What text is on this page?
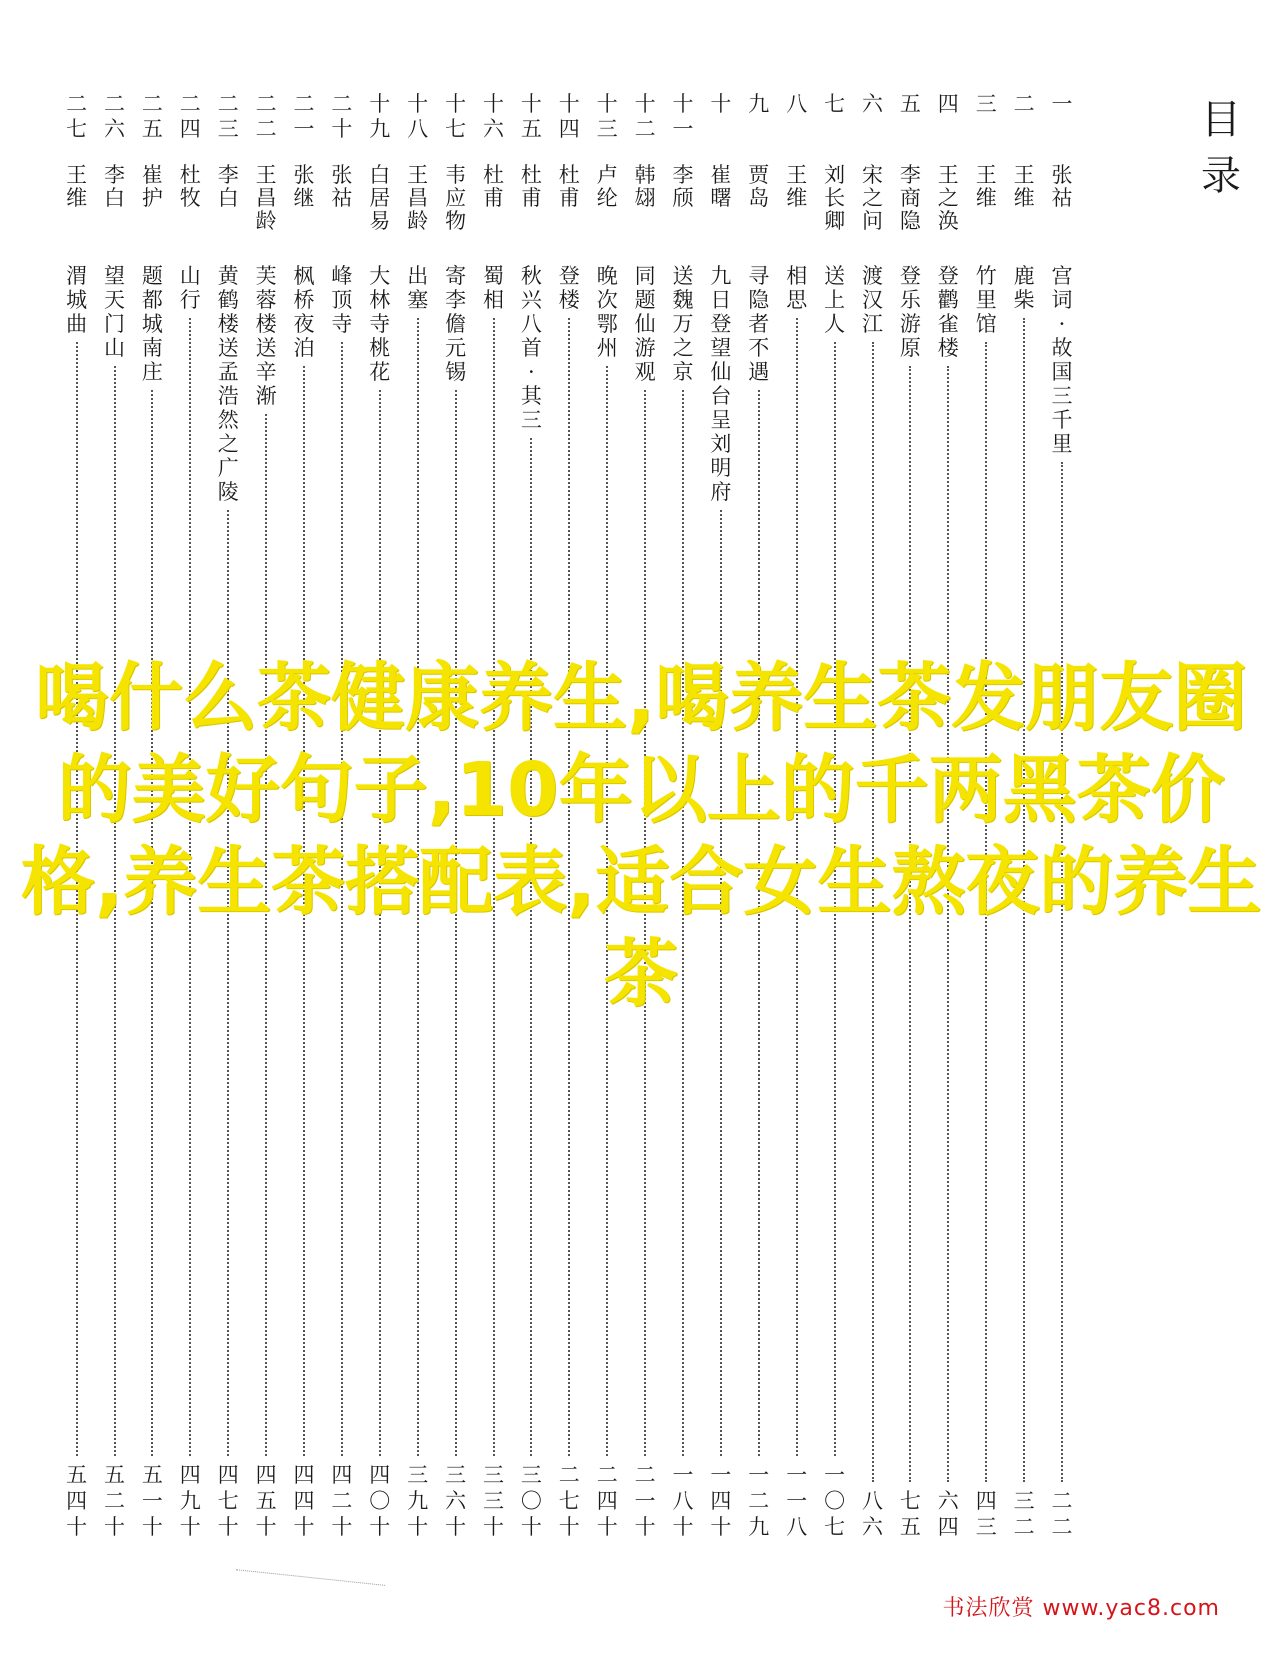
目
录
一
张
祜
宫
词
·
故
国
三
千
里
二
二
二
王
维
鹿
柴
三
二
三
王
维
竹
里
馆
四
三
四
王
之
涣
登
鹳
雀
楼
六
四
五
李
商
隐
登
乐
游
原
七
五
六
宋
之
问
渡
汉
江
八
六
七
刘
长
卿
送
上
人
一
〇
七
八
王
维
相
思
一
一
八
九
贾
岛
寻
隐
者
不
遇
一
二
九
十
崔
曙
九
日
登
望
仙
台
呈
刘
明
府
一
四
十
十
一
李
颀
送
魏
万
之
京
一
八
十
十
二
韩
翃
同
题
仙
游
观
二
一
十
十
三
卢
纶
晚
次
鄂
州
二
四
十
十
四
杜
甫
登
楼
二
七
十
十
五
杜
甫
秋
兴
八
首
·
其
三
三
〇
十
十
六
杜
甫
蜀
相
三
三
十
十
七
韦
应
物
寄
李
儋
元
锡
三
六
十
十
八
王
昌
龄
出
塞
三
九
十
十
九
白
居
易
大
林
寺
桃
花
四
〇
十
二
十
张
祜
峰
顶
寺
四
二
十
二
一
张
继
枫
桥
夜
泊
四
四
十
二
二
王
昌
龄
芙
蓉
楼
送
辛
渐
四
五
十
二
三
李
白
黄
鹤
楼
送
孟
浩
然
之
广
陵
四
七
十
二
四
杜
牧
山
行
四
九
十
二
五
崔
护
题
都
城
南
庄
五
一
十
二
六
李
白
望
天
门
山
五
二
十
二
七
王
维
渭
城
曲
五
四
十
喝什么茶健康养生,喝养生茶发朋友圈的美好句子,10年以上的千两黑茶价格,养生茶搭配表,适合女生熬夜的养生茶
书法欣赏 www.yac8.com
